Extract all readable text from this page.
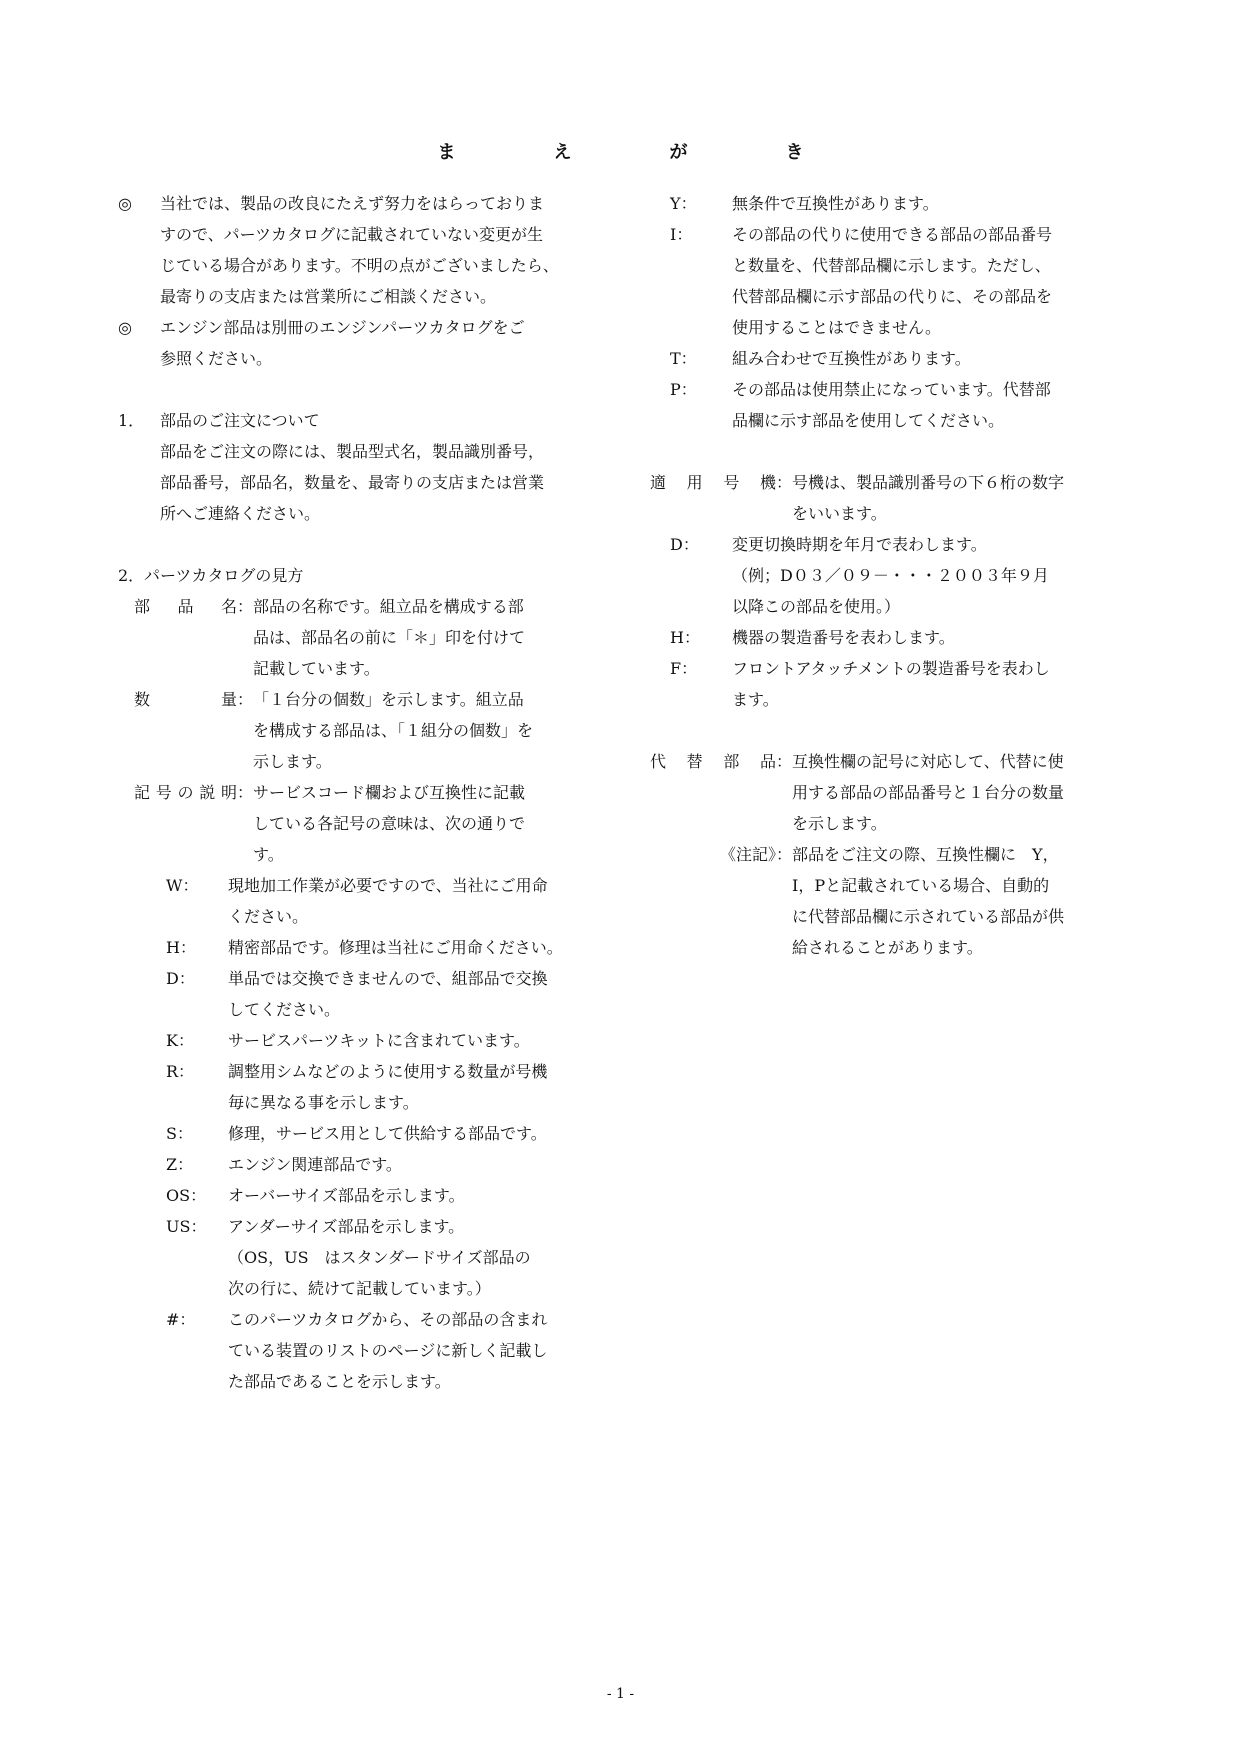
ま　え　が　き
◎	当社では、製品の改良にたえず努力をはらっておりま
すので、パーツカタログに記載されていない変更が生
じている場合があります。不明の点がございましたら、
最寄りの支店または営業所にご相談ください。
◎	エンジン部品は別冊のエンジンパーツカタログをご
参照ください。
1． 部品のご注文について
部品をご注文の際には、製品型式名，製品識別番号，
部品番号，部品名，数量を、最寄りの支店または営業
所へご連絡ください。
2． パーツカタログの見方
部品名 ： 部品の名称です。組立品を構成する部
品は、部品名の前に「＊」印を付けて
記載しています。
数量 ： 「１台分の個数」を示します。組立品
を構成する部品は、「１組分の個数」を
示します。
記号の説明 ： サービスコード欄および互換性に記載
している各記号の意味は、次の通りで
す。
W：	現地加工作業が必要ですので、当社にご用命
ください。
H：	精密部品です。修理は当社にご用命ください。
D：	単品では交換できませんので、組部品で交換
してください。
K：	サービスパーツキットに含まれています。
R：	調整用シムなどのように使用する数量が号機
毎に異なる事を示します。
S：	修理，サービス用として供給する部品です。
Z：	エンジン関連部品です。
OS：	オーバーサイズ部品を示します。
US：	アンダーサイズ部品を示します。
（OS，US　はスタンダードサイズ部品の
次の行に、続けて記載しています。）
#：	このパーツカタログから、その部品の含まれ
ている装置のリストのページに新しく記載し
た部品であることを示します。
Y：	無条件で互換性があります。
I：	その部品の代りに使用できる部品の部品番号
と数量を、代替部品欄に示します。ただし、
代替部品欄に示す部品の代りに、その部品を
使用することはできません。
T：	組み合わせで互換性があります。
P：	その部品は使用禁止になっています。代替部
品欄に示す部品を使用してください。
適用号機 ： 号機は、製品識別番号の下６桁の数字
をいいます。
D：	変更切換時期を年月で表わします。
（例；D０３／０９－・・・２００３年９月
以降この部品を使用。）
H：	機器の製造番号を表わします。
F：	フロントアタッチメントの製造番号を表わし
ます。
代替部品 ： 互換性欄の記号に対応して、代替に使
用する部品の部品番号と１台分の数量
を示します。
《注記》： 部品をご注文の際、互換性欄に　Y，
I，Pと記載されている場合、自動的
に代替部品欄に示されている部品が供
給されることがあります。
- 1 -
